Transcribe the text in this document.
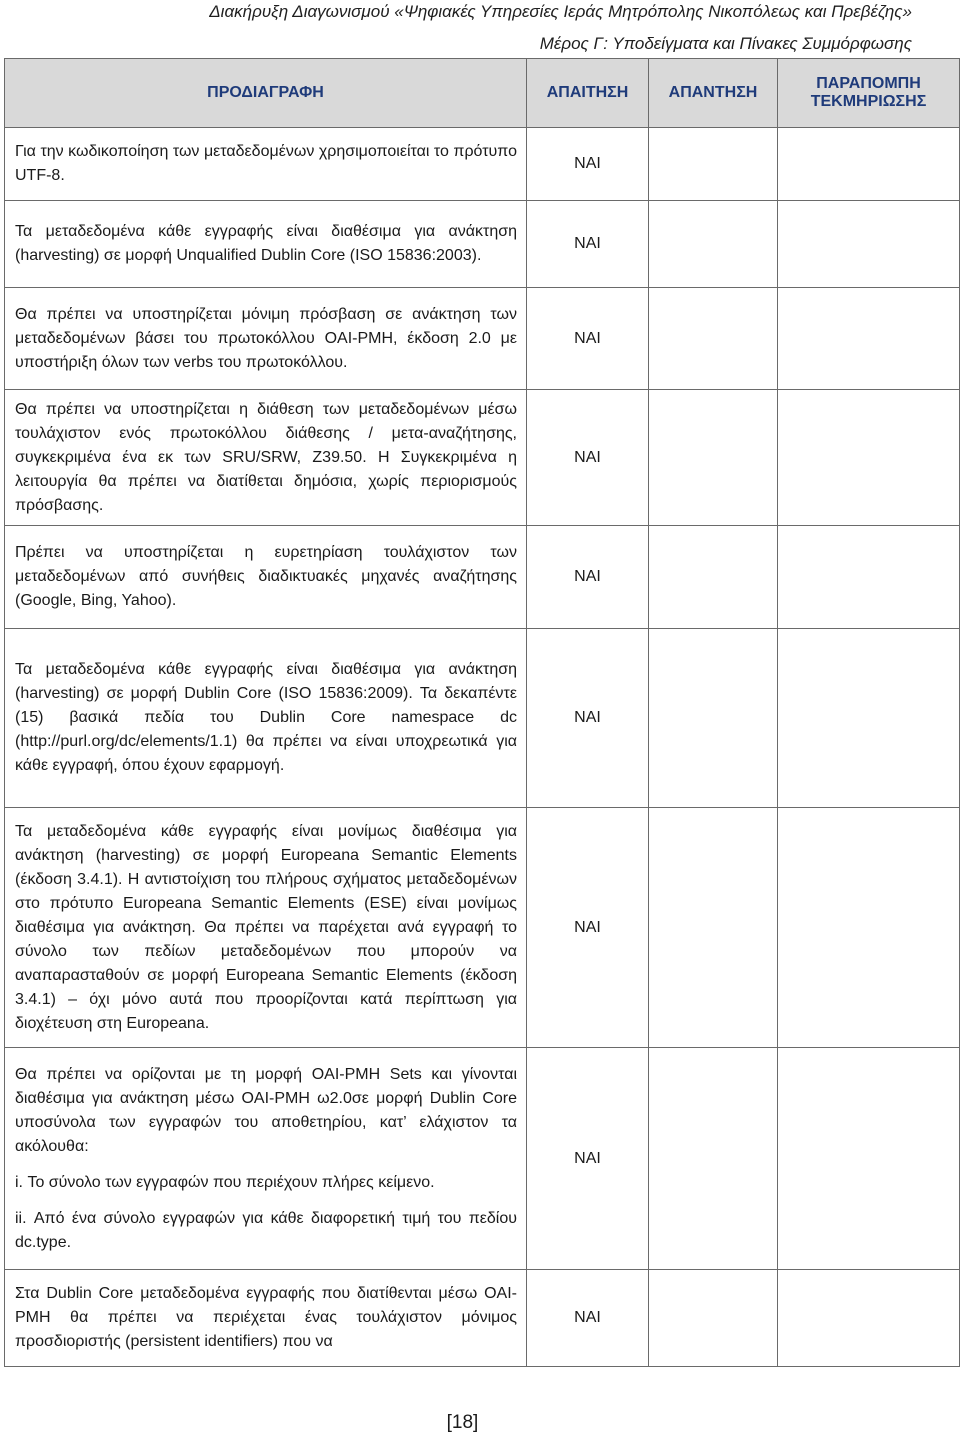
Διακήρυξη Διαγωνισμού «Ψηφιακές Υπηρεσίες Ιεράς Μητρόπολης Νικοπόλεως και Πρεβέζης»
Μέρος Γ: Υποδείγματα και Πίνακες Συμμόρφωσης
ΠΡΟΔΙΑΓΡΑΦΗ	ΑΠΑΙΤΗΣΗ	ΑΠΑΝΤΗΣΗ	ΠΑΡΑΠΟΜΠΗ ΤΕΚΜΗΡΙΩΣΗΣ

Για την κωδικοποίηση των μεταδεδομένων χρησιμοποιείται το πρότυπο UTF-8.	ΝΑΙ		

Τα μεταδεδομένα κάθε εγγραφής είναι διαθέσιμα για ανάκτηση (harvesting) σε μορφή Unqualified Dublin Core (ISO 15836:2003).	ΝΑΙ		

Θα πρέπει να υποστηρίζεται μόνιμη πρόσβαση σε ανάκτηση των μεταδεδομένων βάσει του πρωτοκόλλου OAI-PMH, έκδοση 2.0 με υποστήριξη όλων των verbs του πρωτοκόλλου.	ΝΑΙ		

Θα πρέπει να υποστηρίζεται η διάθεση των μεταδεδομένων μέσω τουλάχιστον ενός πρωτοκόλλου διάθεσης / μετα-αναζήτησης, συγκεκριμένα ένα εκ των SRU/SRW, Z39.50. Η Συγκεκριμένα η λειτουργία θα πρέπει να διατίθεται δημόσια, χωρίς περιορισμούς πρόσβασης.	ΝΑΙ		

Πρέπει να υποστηρίζεται η ευρετηρίαση τουλάχιστον των μεταδεδομένων από συνήθεις διαδικτυακές μηχανές αναζήτησης (Google, Bing, Yahoo).	ΝΑΙ		

Τα μεταδεδομένα κάθε εγγραφής είναι διαθέσιμα για ανάκτηση (harvesting) σε μορφή Dublin Core (ISO 15836:2009). Τα δεκαπέντε (15) βασικά πεδία του Dublin Core namespace dc (http://purl.org/dc/elements/1.1) θα πρέπει να είναι υποχρεωτικά για κάθε εγγραφή, όπου έχουν εφαρμογή.	ΝΑΙ		

Τα μεταδεδομένα κάθε εγγραφής είναι μονίμως διαθέσιμα για ανάκτηση (harvesting) σε μορφή Europeana Semantic Elements (έκδοση 3.4.1). Η αντιστοίχιση του πλήρους σχήματος μεταδεδομένων στο πρότυπο Europeana Semantic Elements (ESE) είναι μονίμως διαθέσιμα για ανάκτηση. Θα πρέπει να παρέχεται ανά εγγραφή το σύνολο των πεδίων μεταδεδομένων που μπορούν να αναπαρασταθούν σε μορφή Europeana Semantic Elements (έκδοση 3.4.1) – όχι μόνο αυτά που προορίζονται κατά περίπτωση για διοχέτευση στη Europeana.	ΝΑΙ		

Θα πρέπει να ορίζονται με τη μορφή OAI-PMH Sets και γίνονται διαθέσιμα για ανάκτηση μέσω OAI-PMH ω2.0σε μορφή Dublin Core υποσύνολα των εγγραφών του αποθετηρίου, κατ’ ελάχιστον τα ακόλουθα:
i. Το σύνολο των εγγραφών που περιέχουν πλήρες κείμενο.
ii. Από ένα σύνολο εγγραφών για κάθε διαφορετική τιμή του πεδίου dc.type.	ΝΑΙ		

Στα Dublin Core μεταδεδομένα εγγραφής που διατίθενται μέσω OAI-PMH θα πρέπει να περιέχεται ένας τουλάχιστον μόνιμος προσδιοριστής (persistent identifiers) που να	ΝΑΙ		
[18]
